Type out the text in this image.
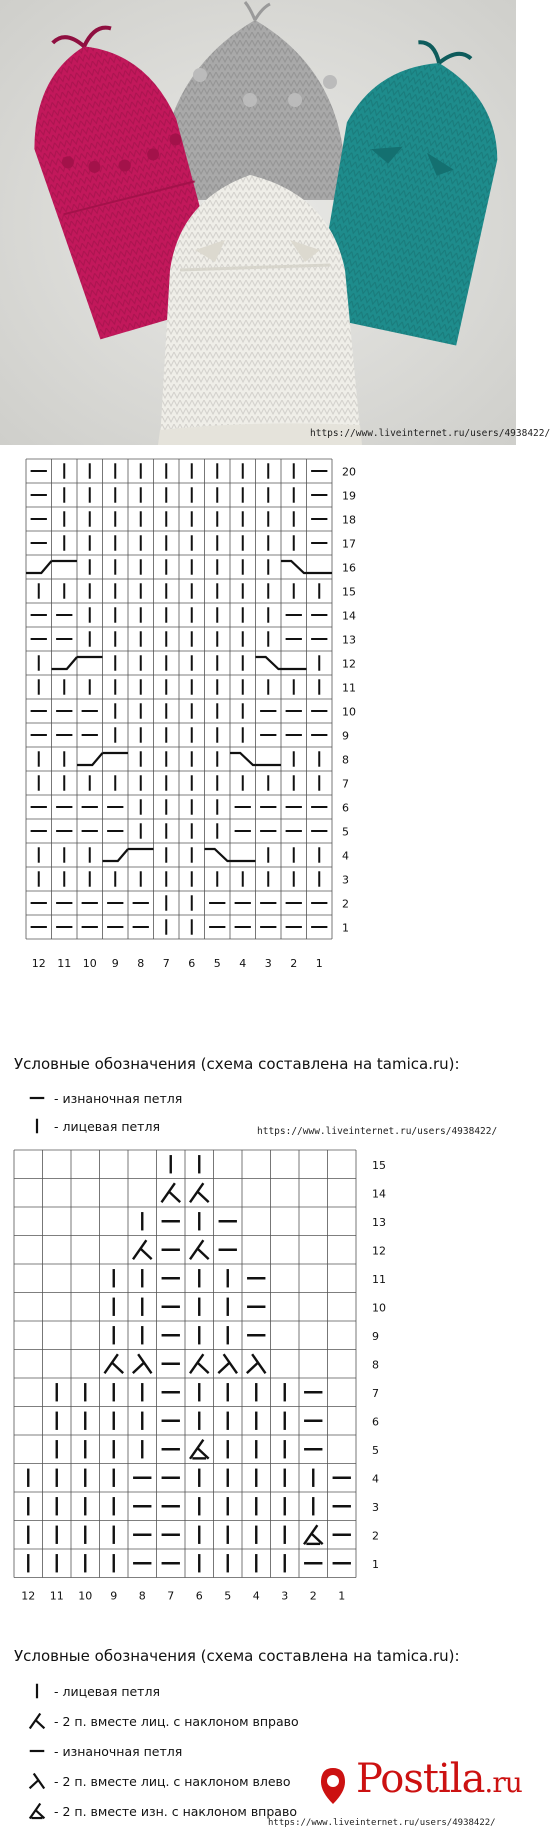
https://www.liveinternet.ru/users/4938422/
20
19
18
17
16
15
14
13
12
11
10
9
8
7
6
5
4
3
2
1
12 11 10 9 8 7 6 5 4 3 2 1
Условные обозначения (схема составлена на tamica.ru):
- изнаночная петля
- лицевая петля	https://www.liveinternet.ru/users/4938422/
15
14
13
12
11
10
9
8
7
6
5
4
3
2
1
12 11 10 9 8 7 6 5 4 3 2 1
Условные обозначения (схема составлена на tamica.ru):
- лицевая петля
- 2 п. вместе лиц. с наклоном вправо
- изнаночная петля
- 2 п. вместе лиц. с наклоном влево
- 2 п. вместе изн. с наклоном вправо
Postila.ru
https://www.liveinternet.ru/users/4938422/
